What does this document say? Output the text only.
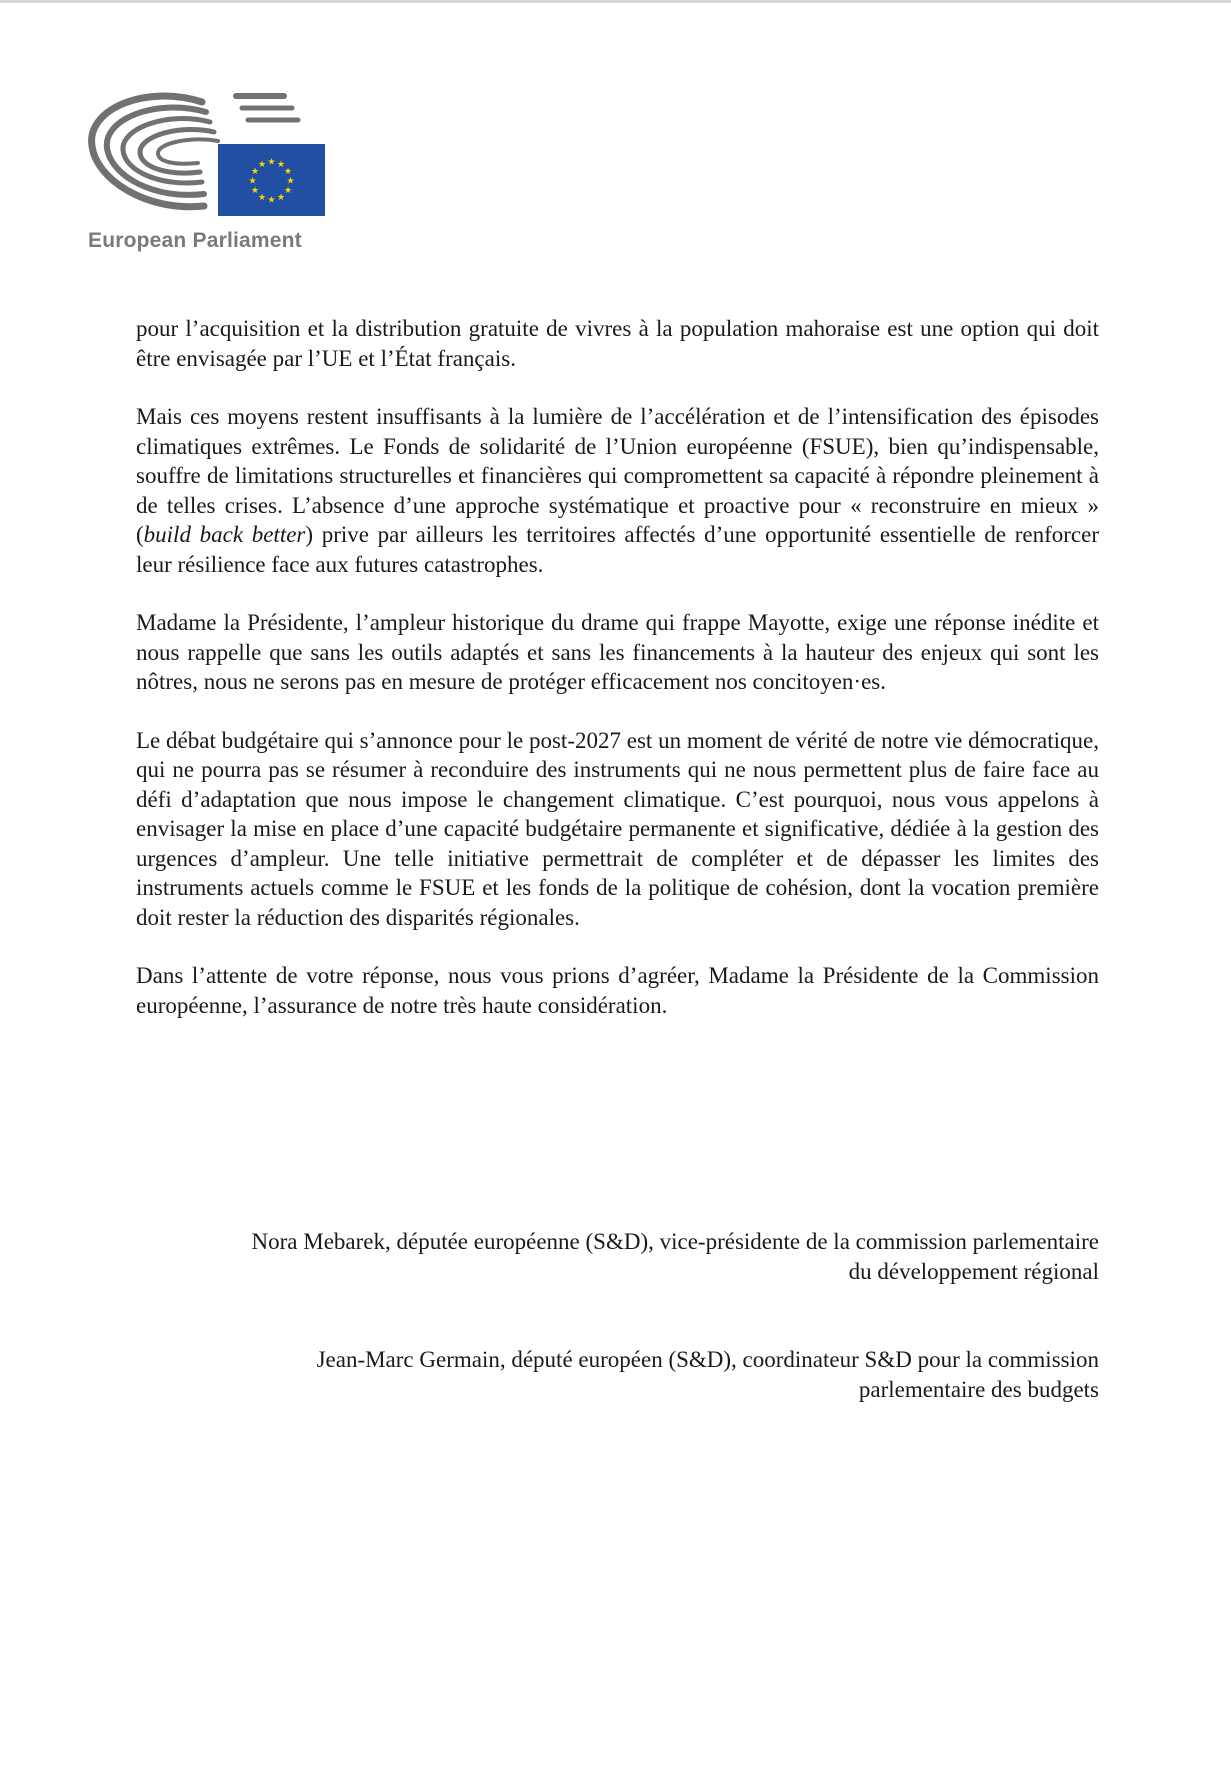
★ ★
★
★
★
★
★
★
★
★
★
★
European Parliament

pour l’acquisition et la distribution gratuite de vivres à la population mahoraise est une option qui doit être envisagée par l’UE et l’État français.

Mais ces moyens restent insuffisants à la lumière de l’accélération et de l’intensification des épisodes climatiques extrêmes. Le Fonds de solidarité de l’Union européenne (FSUE), bien qu’indispensable, souffre de limitations structurelles et financières qui compromettent sa capacité à répondre pleinement à de telles crises. L’absence d’une approche systématique et proactive pour « reconstruire en mieux » (build back better) prive par ailleurs les territoires affectés d’une opportunité essentielle de renforcer leur résilience face aux futures catastrophes.

Madame la Présidente, l’ampleur historique du drame qui frappe Mayotte, exige une réponse inédite et nous rappelle que sans les outils adaptés et sans les financements à la hauteur des enjeux qui sont les nôtres, nous ne serons pas en mesure de protéger efficacement nos concitoyen·es.

Le débat budgétaire qui s’annonce pour le post-2027 est un moment de vérité de notre vie démocratique, qui ne pourra pas se résumer à reconduire des instruments qui ne nous permettent plus de faire face au défi d’adaptation que nous impose le changement climatique. C’est pourquoi, nous vous appelons à envisager la mise en place d’une capacité budgétaire permanente et significative, dédiée à la gestion des urgences d’ampleur. Une telle initiative permettrait de compléter et de dépasser les limites des instruments actuels comme le FSUE et les fonds de la politique de cohésion, dont la vocation première doit rester la réduction des disparités régionales.

Dans l’attente de votre réponse, nous vous prions d’agréer, Madame la Présidente de la Commission européenne, l’assurance de notre très haute considération.

Nora Mebarek, députée européenne (S&D), vice-présidente de la commission parlementaire
du développement régional
Jean-Marc Germain, député européen (S&D), coordinateur S&D pour la commission
parlementaire des budgets
